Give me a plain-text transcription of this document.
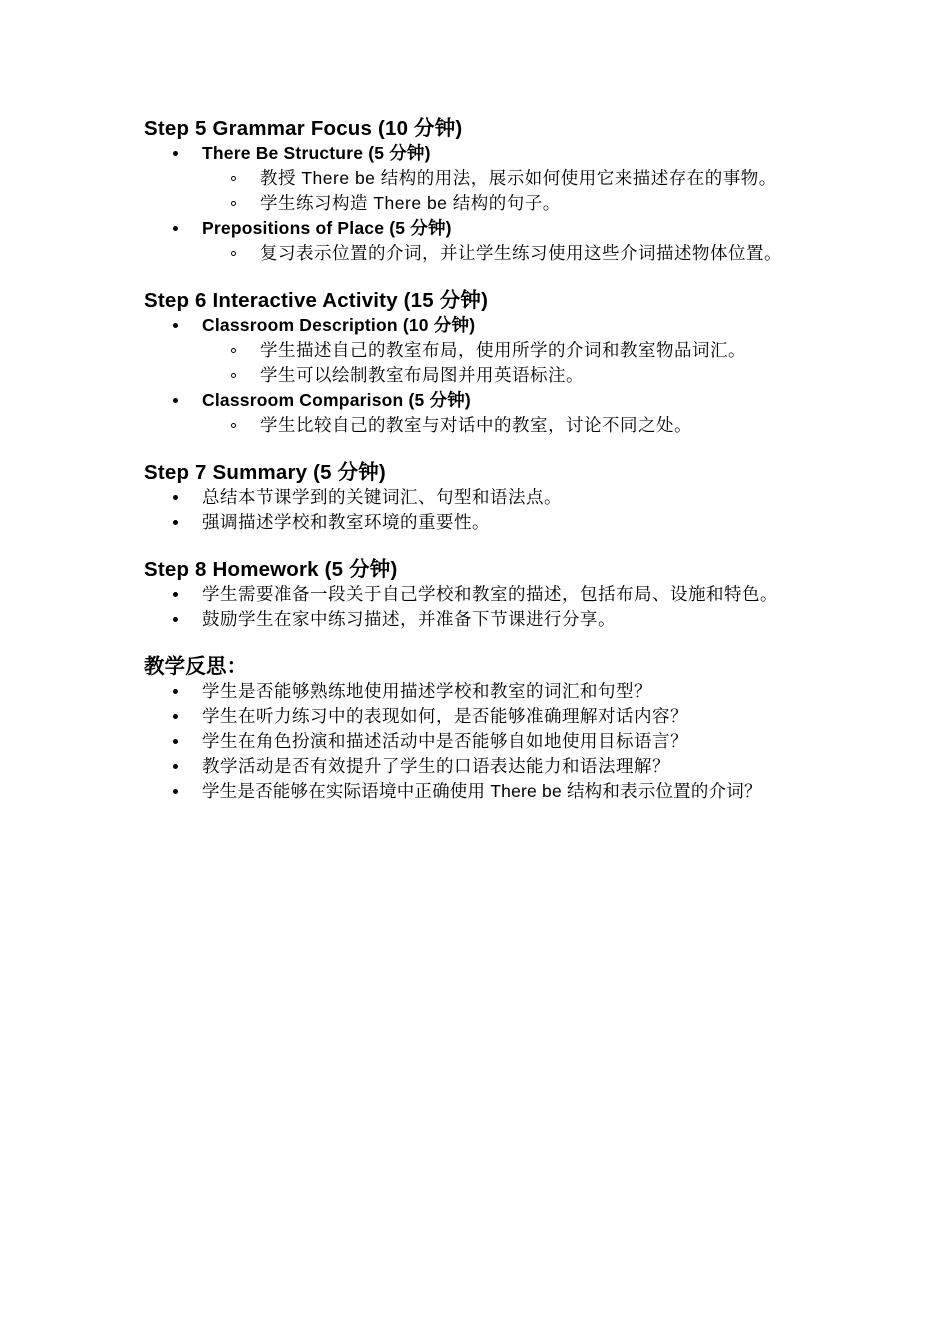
Step 5 Grammar Focus (10 分钟)
There Be Structure (5 分钟)
教授 There be 结构的用法，展示如何使用它来描述存在的事物。
学生练习构造 There be 结构的句子。
Prepositions of Place (5 分钟)
复习表示位置的介词，并让学生练习使用这些介词描述物体位置。
Step 6 Interactive Activity (15 分钟)
Classroom Description (10 分钟)
学生描述自己的教室布局，使用所学的介词和教室物品词汇。
学生可以绘制教室布局图并用英语标注。
Classroom Comparison (5 分钟)
学生比较自己的教室与对话中的教室，讨论不同之处。
Step 7 Summary (5 分钟)
总结本节课学到的关键词汇、句型和语法点。
强调描述学校和教室环境的重要性。
Step 8 Homework (5 分钟)
学生需要准备一段关于自己学校和教室的描述，包括布局、设施和特色。
鼓励学生在家中练习描述，并准备下节课进行分享。
教学反思：
学生是否能够熟练地使用描述学校和教室的词汇和句型？
学生在听力练习中的表现如何，是否能够准确理解对话内容？
学生在角色扮演和描述活动中是否能够自如地使用目标语言？
教学活动是否有效提升了学生的口语表达能力和语法理解？
学生是否能够在实际语境中正确使用 There be 结构和表示位置的介词？
